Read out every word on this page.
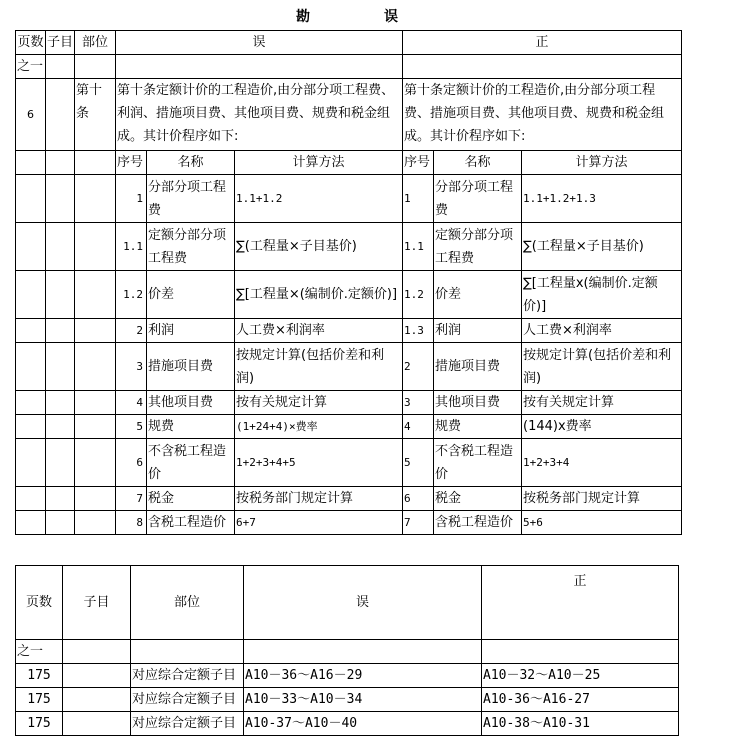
勘	误
页数	子目	部位	误			正		
之一								
6		第十条	第十条定额计价的工程造价,由分部分项工程费、利润、措施项目费、其他项目费、规费和税金组成。其计价程序如下:			第十条定额计价的工程造价,由分部分项工程费、措施项目费、其他项目费、规费和税金组成。其计价程序如下:		
			序号	名称	计算方法	序号	名称	计算方法
			1	分部分项工程费	1.1+1.2	1	分部分项工程费	1.1+1.2+1.3
			1.1	定额分部分项工程费	∑(工程量×子目基价)	1.1	定额分部分项工程费	∑(工程量×子目基价)
			1.2	价差	∑[工程量×(编制价.定额价)]	1.2	价差	∑[工程量x(编制价.定额价)]
			2	利润	人工费×利润率	1.3	利润	人工费×利润率
			3	措施项目费	按规定计算(包括价差和利润)	2	措施项目费	按规定计算(包括价差和利润)
			4	其他项目费	按有关规定计算	3	其他项目费	按有关规定计算
			5	规费	(1+24+4)×费率	4	规费	(144)x费率
			6	不含税工程造价	1+2+3+4+5	5	不含税工程造价	1+2+3+4
			7	税金	按税务部门规定计算	6	税金	按税务部门规定计算
			8	含税工程造价	6+7	7	含税工程造价	5+6
页数	子目	部位	误	正
之一				
175		对应综合定额子目	A10－36～A16－29	A10－32～A10－25
175		对应综合定额子目	A10－33～A10－34	A10-36～A16-27
175		对应综合定额子目	A10-37～A10－40	A10-38～A10-31
